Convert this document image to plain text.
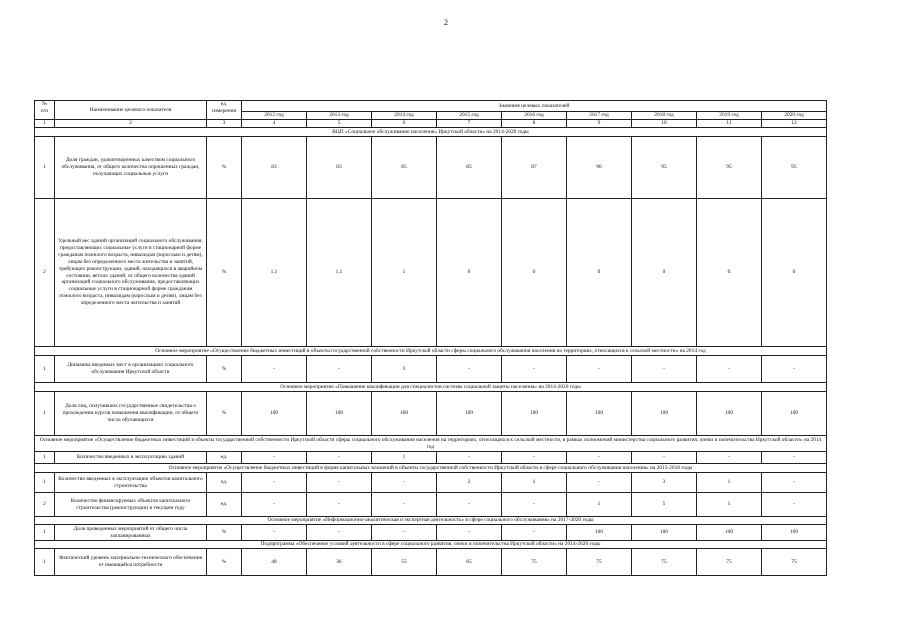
2
№
п/п	Наименование целевого показателя	ед.
измерения	Значения целевых показателей								
			2012 год	2013 год	2014 год	2015 год	2016 год	2017 год	2018 год	2019 год	2020 год
1	2	3	4	5	6	7	8	9	10	11	12
ВЦП «Социальное обслуживание населения» Иркутской области» на 2014-2020 годы											
1	Доля граждан, удовлетворенных качеством социального обслуживания, от общего количества опрошенных граждан, получающих социальные услуги	%	83	83	85	85	87	90	95	95	95
2	Удельный вес зданий организаций социального обслуживания, предоставляющих социальные услуги в стационарной форме гражданам пожилого возраста, инвалидам (взрослым и детям), лицам без определенного места жительства и занятий, требующих реконструкции, зданий, находящихся в аварийном состоянии, ветхих зданий, от общего количества зданий организаций социального обслуживания, предоставляющих социальные услуги в стационарной форме гражданам пожилого возраста, инвалидам (взрослым и детям), лицам без определенного места жительства и занятий	%	1,1	1,1	1	0	0	0	0	0	0
Основное мероприятие «Осуществление бюджетных инвестиций в объекты государственной собственности Иркутской области сферы социального обслуживания населения на территориях, относящихся к сельской местности» на 2014 год											
1	Динамика вводимых мест в организациях социального обслуживания Иркутской области	%	-	-	3	-	-	-	-	-	-
Основное мероприятие «Повышение квалификации для специалистов системы социальной защиты населения» на 2014-2020 годы											
1	Доля лиц, получивших государственные свидетельства о прохождении курсов повышения квалификации, от общего числа обучающихся	%	100	100	100	100	100	100	100	100	100
Основное мероприятие «Осуществление бюджетных инвестиций в объекты государственной собственности Иркутской области сферы социального обслуживания населения на территориях, относящихся к сельской местности, в рамках полномочий министерства социального развития, опеки и попечительства Иркутской области» на 2014 год											
1	Количество введенных в эксплуатацию зданий	ед.	-	-	1	-	-	-	-	-	-
Основное мероприятие «Осуществление бюджетных инвестиций в форме капитальных вложений в объекты государственной собственности Иркутской области в сфере социального обслуживания населения» на 2015-2018 годы											
1	Количество введенных в эксплуатацию объектов капитального строительства	ед.	-	-	-	2	1	-	3	1	-
2	Количество финансируемых объектов капитального строительства (реконструкции) в текущем году	ед.	-	-	-	-	-	1	5	1	-
Основное мероприятие «Информационно-аналитическая и экспертная деятельность» в сфере социального обслуживания» на 2017-2020 годы											
1	Доля проведенных мероприятий от общего числа запланированных	%	-	-	-	-	-	100	100	100	100
Подпрограмма «Обеспечение условий деятельности в сфере социального развития, опеки и попечительства Иркутской области» на 2014-2020 годы											
1	Фактический уровень материально-технического обеспечения от имеющейся потребности	%	48	36	55	65	75	75	75	75	75
